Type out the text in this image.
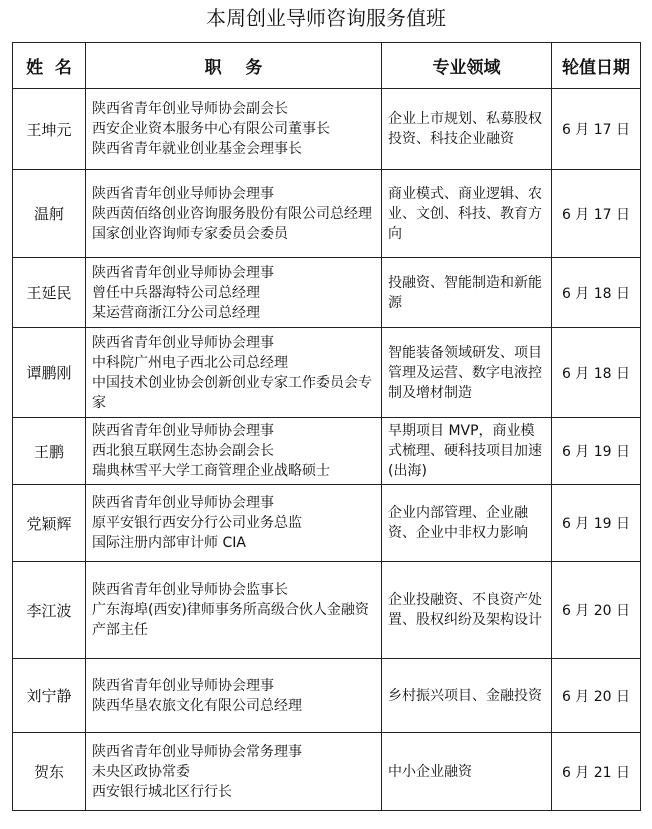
本周创业导师咨询服务值班
姓  名	职    务	专业领域	轮值日期
王坤元	陕西省青年创业导师协会副会长
西安企业资本服务中心有限公司董事长
陕西省青年就业创业基金会理事长	企业上市规划、私募股权投资、科技企业融资	6 月 17 日
温舸	陕西省青年创业导师协会理事
陕西茵佰络创业咨询服务股份有限公司总经理
国家创业咨询师专家委员会委员	商业模式、商业逻辑、农业、文创、科技、教育方向	6 月 17 日
王延民	陕西省青年创业导师协会理事
曾任中兵器海特公司总经理
某运营商浙江分公司总经理	投融资、智能制造和新能源	6 月 18 日
谭鹏刚	陕西省青年创业导师协会理事
中科院广州电子西北公司总经理
中国技术创业协会创新创业专家工作委员会专家	智能装备领域研发、项目管理及运营、数字电液控制及增材制造	6 月 18 日
王鹏	陕西省青年创业导师协会理事
西北狼互联网生态协会副会长
瑞典林雪平大学工商管理企业战略硕士	早期项目 MVP，商业模式梳理、硬科技项目加速(出海)	6 月 19 日
党颖辉	陕西省青年创业导师协会理事
原平安银行西安分行公司业务总监
国际注册内部审计师 CIA	企业内部管理、企业融资、企业中非权力影响	6 月 19 日
李江波	陕西省青年创业导师协会监事长
广东海埠(西安)律师事务所高级合伙人金融资产部主任	企业投融资、不良资产处置、股权纠纷及架构设计	6 月 20 日
刘宁静	陕西省青年创业导师协会理事
陕西华垦农旅文化有限公司总经理	乡村振兴项目、金融投资	6 月 20 日
贺东	陕西省青年创业导师协会常务理事
未央区政协常委
西安银行城北区行行长	中小企业融资	6 月 21 日
